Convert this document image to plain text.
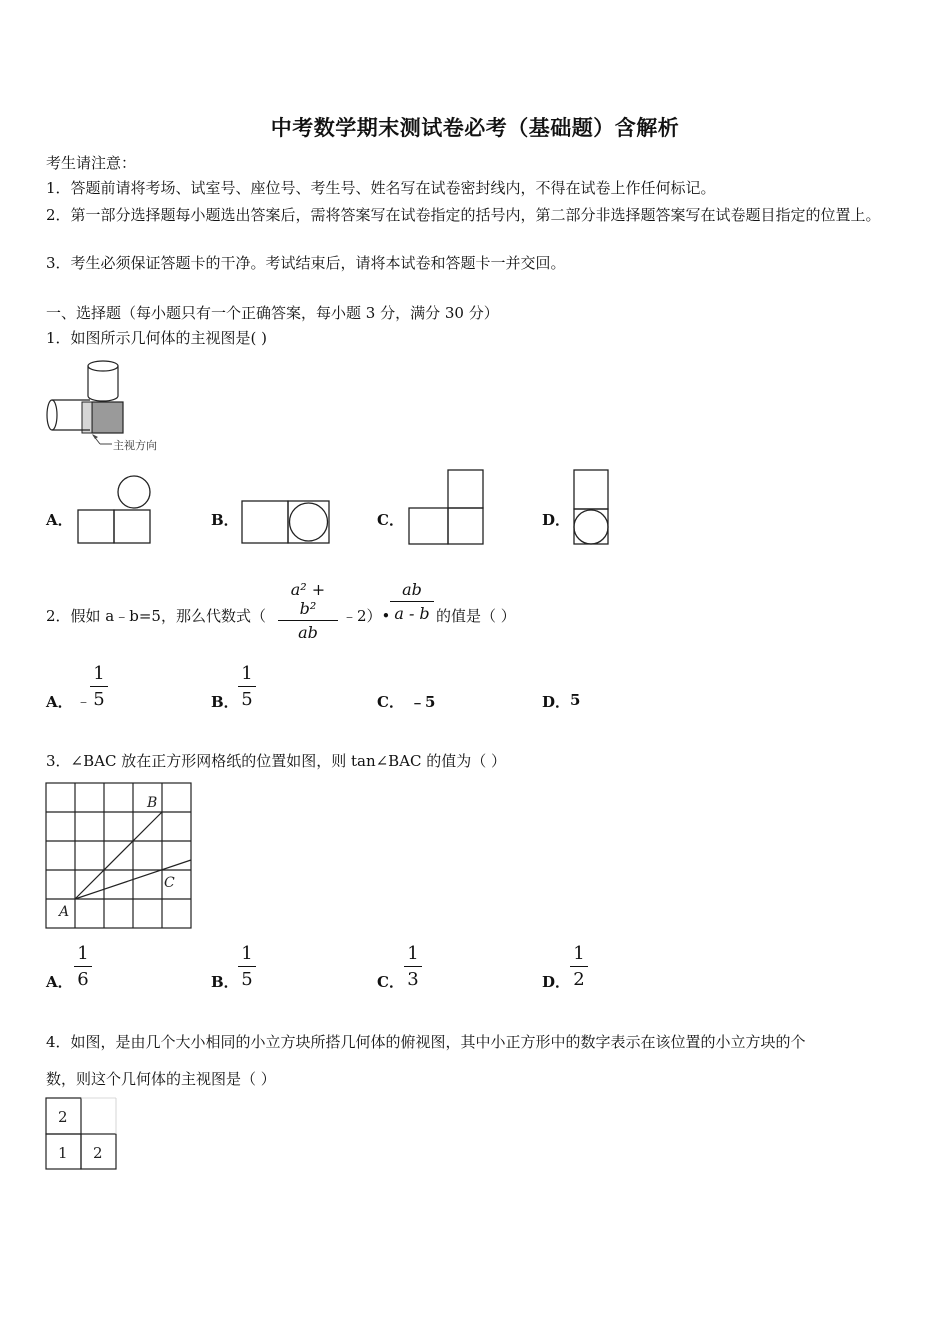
中考数学期末测试卷必考（基础题）含解析
考生请注意：
1．答题前请将考场、试室号、座位号、考生号、姓名写在试卷密封线内，不得在试卷上作任何标记。
2．第一部分选择题每小题选出答案后，需将答案写在试卷指定的括号内，第二部分非选择题答案写在试卷题目指定的位置上。
3．考生必须保证答题卡的干净。考试结束后，请将本试卷和答题卡一并交回。
一、选择题（每小题只有一个正确答案，每小题 3 分，满分 30 分）
1．如图所示几何体的主视图是( )
主视方向
A．	B．	C．	D．
2．假如 a﹣b=5，那么代数式（
a² + b²
ab
﹣2）•
ab
a - b 的值是（ ）
A． ﹣
1
5	B．
1
5	C． ﹣5	D． 5
3．∠BAC 放在正方形网格纸的位置如图，则 tan∠BAC 的值为（ ）
B
C
A
A．
1
6	B．
1
5	C．
1
3	D．
1
2
4．如图，是由几个大小相同的小立方块所搭几何体的俯视图，其中小正方形中的数字表示在该位置的小立方块的个
数，则这个几何体的主视图是（ ）
2
1 2
